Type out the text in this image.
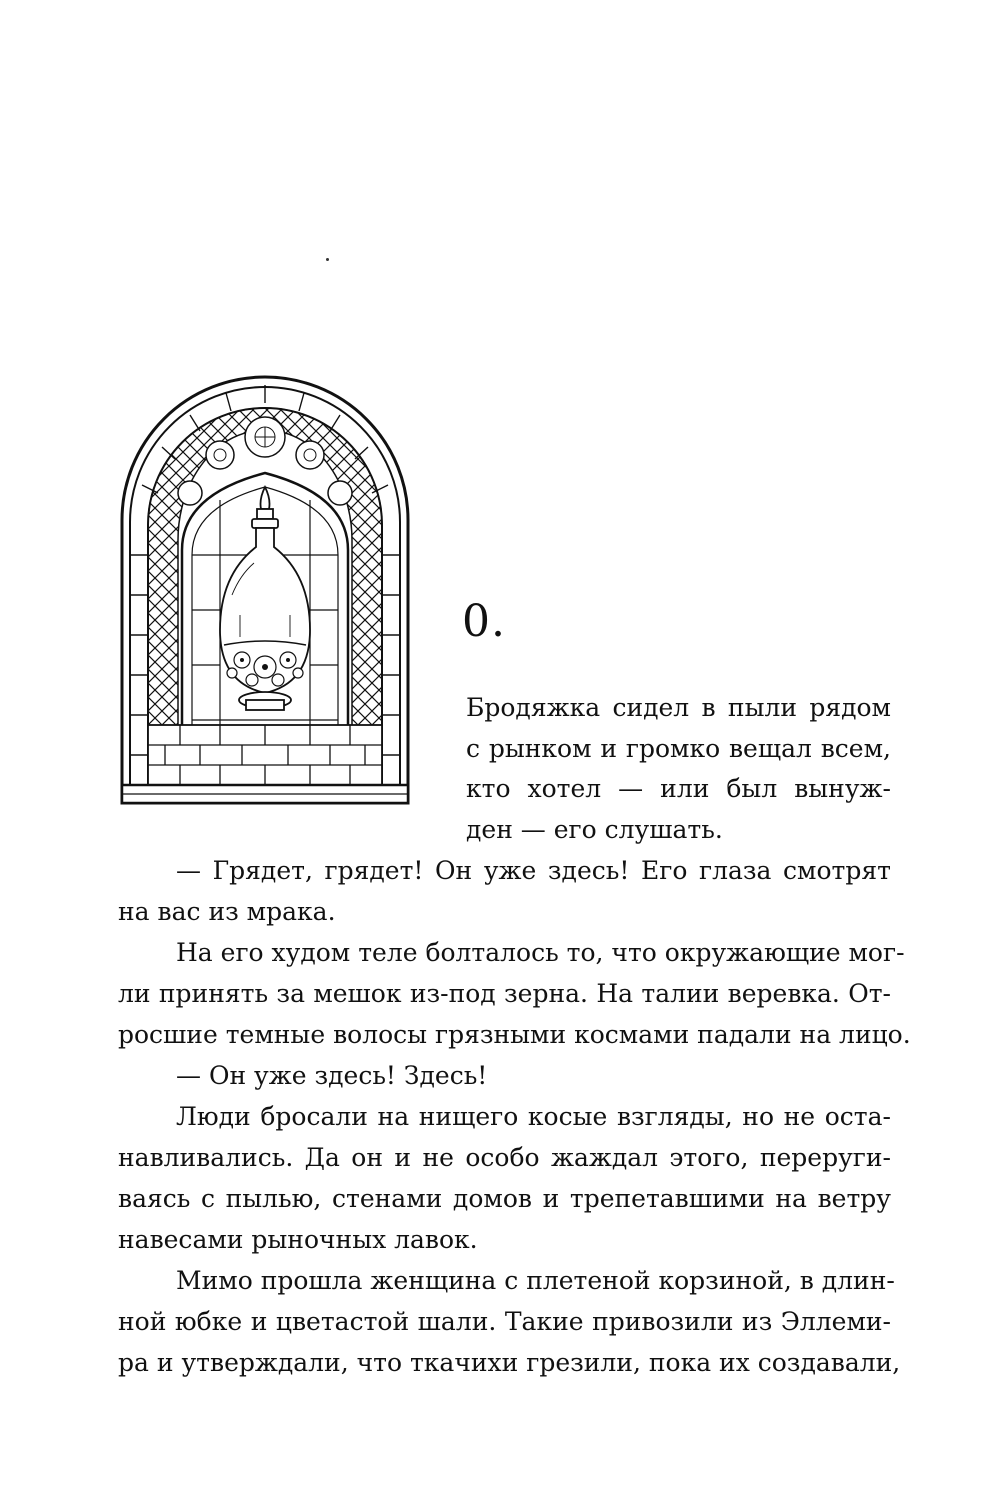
0.

Бродяжка сидел в пыли рядом
с рынком и громко вещал всем,
кто хотел — или был вынуж-
ден — его слушать.

— Грядет, грядет! Он уже здесь! Его глаза смотрят
на вас из мрака.

На его худом теле болталось то, что окружающие мог-
ли принять за мешок из-под зерна. На талии веревка. От-
росшие темные волосы грязными космами падали на лицо.

— Он уже здесь! Здесь!

Люди бросали на нищего косые взгляды, но не оста-
навливались. Да он и не особо жаждал этого, переруги-
ваясь с пылью, стенами домов и трепетавшими на ветру
навесами рыночных лавок.

Мимо прошла женщина с плетеной корзиной, в длин-
ной юбке и цветастой шали. Такие привозили из Эллеми-
ра и утверждали, что ткачихи грезили, пока их создавали,
